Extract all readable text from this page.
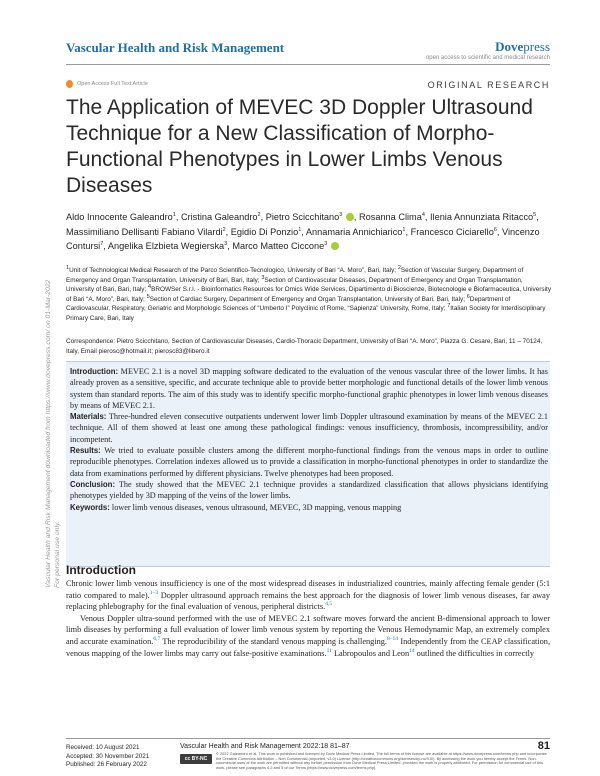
Vascular Health and Risk Management	Dovepress
open access to scientific and medical research
Open Access Full Text Article	ORIGINAL RESEARCH
The Application of MEVEC 3D Doppler Ultrasound Technique for a New Classification of Morpho-Functional Phenotypes in Lower Limbs Venous Diseases
Aldo Innocente Galeandro$^1$, Cristina Galeandro$^2$, Pietro Scicchitano$^3$ , Rosanna Clima$^4$, Ilenia Annunziata Ritacco$^5$, Massimiliano Dellisanti Fabiano Vilardi$^2$, Egidio Di Ponzio$^1$, Annamaria Annichiarico$^1$, Francesco Ciciarello$^6$, Vincenzo Contursi$^7$, Angelika Elzbieta Wegierska$^3$, Marco Matteo Ciccone$^3$
$^1$Unit of Technological Medical Research of the Parco Scientifico-Tecnologico, University of Bari “A. Moro”, Bari, Italy; $^2$Section of Vascular Surgery, Department of Emergency and Organ Transplantation, University of Bari, Bari, Italy; $^3$Section of Cardiovascular Diseases, Department of Emergency and Organ Transplantation, University of Bari, Bari, Italy; $^4$BROWSer S.r.l. - Bioinformatics Resources for Omics Wide Services, Dipartimento di Bioscienze, Biotecnologie e Biofarmaceutica, University of Bari “A. Moro”, Bari, Italy; $^5$Section of Cardiac Surgery, Department of Emergency and Organ Transplantation, University of Bari, Bari, Italy; $^6$Department of Cardiovascular, Respiratory, Geriatric and Morphologic Sciences of “Umberto I” Polyclinic of Rome, “Sapienza” University, Rome, Italy; $^7$Italian Society for Interdisciplinary Primary Care, Bari, Italy
Correspondence: Pietro Scicchitano, Section of Cardiovascular Diseases, Cardio-Thoracic Department, University of Bari “A. Moro”, Piazza G. Cesare, Bari, 11 – 70124, Italy, Email pierosc@hotmail.it; pierosc83@libero.it

Introduction: MEVEC 2.1 is a novel 3D mapping software dedicated to the evaluation of the venous vascular three of the lower limbs. It has already proven as a sensitive, specific, and accurate technique able to provide better morphologic and functional details of the lower limb venous system than standard reports. The aim of this study was to identify specific morpho-functional graphic phenotypes in lower limb venous diseases by means of MEVEC 2.1.

Materials: Three-hundred eleven consecutive outpatients underwent lower limb Doppler ultrasound examination by means of the MEVEC 2.1 technique. All of them showed at least one among these pathological findings: venous insufficiency, thrombosis, incompressibility, and/or incompetent.

Results: We tried to evaluate possible clusters among the different morpho-functional findings from the venous maps in order to outline reproducible phenotypes. Correlation indexes allowed us to provide a classification in morpho-functional phenotypes in order to standardize the data from examinations performed by different physicians. Twelve phenotypes had been proposed.

Conclusion: The study showed that the MEVEC 2.1 technique provides a standardized classification that allows physicians identifying phenotypes yielded by 3D mapping of the veins of the lower limbs.

Keywords: lower limb venous diseases, venous ultrasound, MEVEC, 3D mapping, venous mapping

Introduction

Chronic lower limb venous insufficiency is one of the most widespread diseases in industrialized countries, mainly affecting female gender (5:1 ratio compared to male).$^{1-3}$ Doppler ultrasound approach remains the best approach for the diagnosis of lower limb venous diseases, far away replacing phlebography for the final evaluation of venous, peripheral districts.$^{4,5}$

Venous Doppler ultra-sound performed with the use of MEVEC 2.1 software moves forward the ancient B-dimensional approach to lower limb diseases by performing a full evaluation of lower limb venous system by reporting the Venous Hemodynamic Map, an extremely complex and accurate examination.$^{6,7}$ The reproducibility of the standard venous mapping is challenging.$^{8-14}$ Independently from the CEAP classification, venous mapping of the lower limbs may carry out false-positive examinations.$^{11}$ Labropoulos and Leon$^{14}$ outlined the difficulties in correctly

Received: 10 August 2021
Accepted: 30 November 2021
Published: 26 February 2022
Vascular Health and Risk Management 2022:18 81–87	81
cc BY-NC
© 2022 Galeandro et al. This work is published and licensed by Dove Medical Press Limited. The full terms of this license are available at https://www.dovepress.com/terms.php and incorporate the Creative Commons Attribution – Non Commercial (unported, v3.0) License (http://creativecommons.org/licenses/by-nc/3.0/). By accessing the work you hereby accept the Terms. Non-commercial uses of the work are permitted without any further permission from Dove Medical Press Limited, provided the work is properly attributed. For permission for commercial use of this work, please see paragraphs 4.2 and 5 of our Terms (https://www.dovepress.com/terms.php).
Vascular Health and Risk Management downloaded from https://www.dovepress.com/ on 01-Mar-2022 For personal use only.
